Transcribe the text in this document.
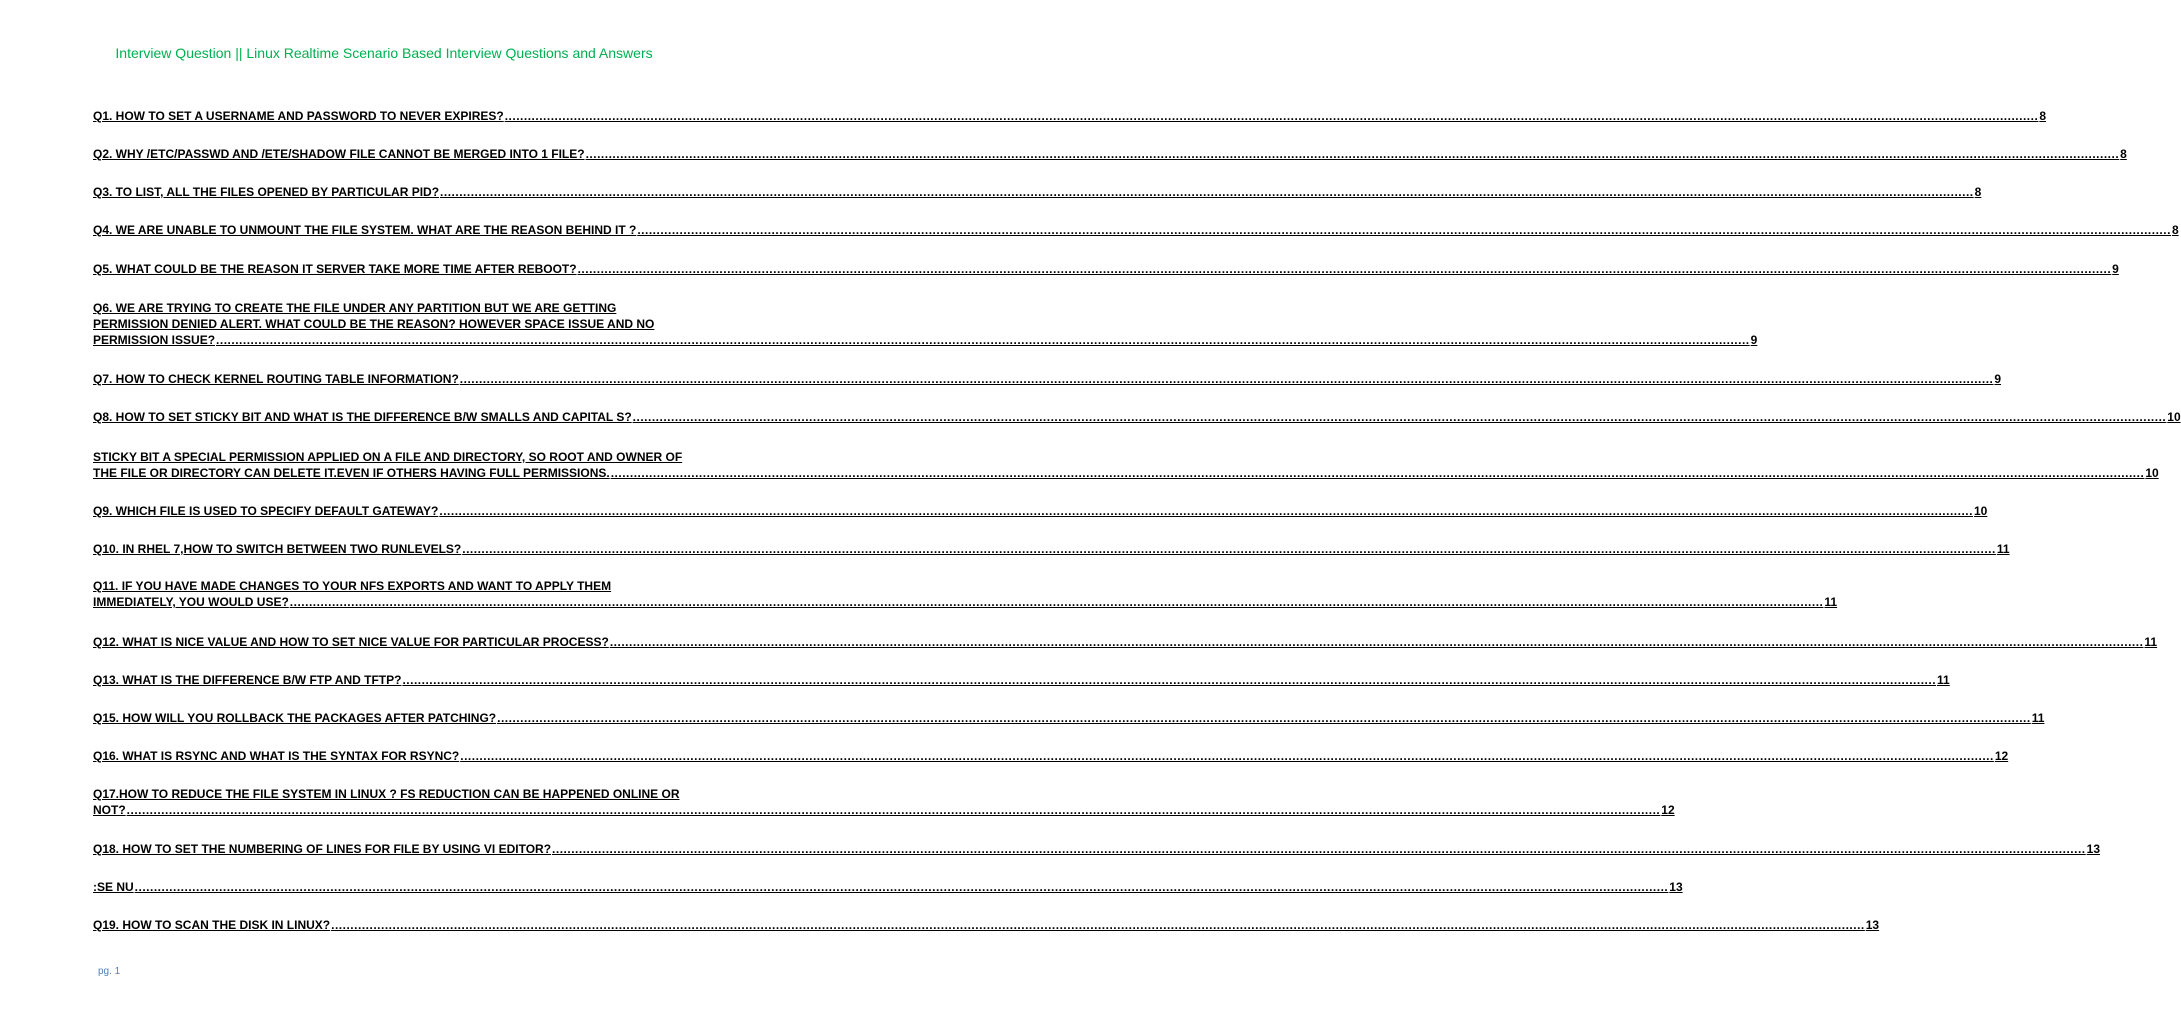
Interview Question || Linux Realtime Scenario Based Interview Questions and Answers
Q1. HOW TO SET A USERNAME AND PASSWORD TO NEVER EXPIRES? ................................................................................................................................................................................................................................................................................................................................................................................................................ 8
Q2. WHY /ETC/PASSWD AND /ETE/SHADOW FILE CANNOT BE MERGED INTO 1 FILE? ................................................................................................................................................................................................................................................................................................................................................................................................................ 8
Q3. TO LIST, ALL THE FILES OPENED BY PARTICULAR PID? ................................................................................................................................................................................................................................................................................................................................................................................................................ 8
Q4. WE ARE UNABLE TO UNMOUNT THE FILE SYSTEM. WHAT ARE THE REASON BEHIND IT ? ................................................................................................................................................................................................................................................................................................................................................................................................................ 8
Q5. WHAT COULD BE THE REASON IT SERVER TAKE MORE TIME AFTER REBOOT? ................................................................................................................................................................................................................................................................................................................................................................................................................ 9
Q6. WE ARE TRYING TO CREATE THE FILE UNDER ANY PARTITION BUT WE ARE GETTING
PERMISSION DENIED ALERT. WHAT COULD BE THE REASON? HOWEVER SPACE ISSUE AND NO
PERMISSION ISSUE? ................................................................................................................................................................................................................................................................................................................................................................................................................ 9
Q7. HOW TO CHECK KERNEL ROUTING TABLE INFORMATION? ................................................................................................................................................................................................................................................................................................................................................................................................................ 9
Q8. HOW TO SET STICKY BIT AND WHAT IS THE DIFFERENCE B/W SMALLS AND CAPITAL S? ................................................................................................................................................................................................................................................................................................................................................................................................................ 10
STICKY BIT A SPECIAL PERMISSION APPLIED ON A FILE AND DIRECTORY, SO ROOT AND OWNER OF
THE FILE OR DIRECTORY CAN DELETE IT.EVEN IF OTHERS HAVING FULL PERMISSIONS. ................................................................................................................................................................................................................................................................................................................................................................................................................ 10
Q9. WHICH FILE IS USED TO SPECIFY DEFAULT GATEWAY? ................................................................................................................................................................................................................................................................................................................................................................................................................ 10
Q10. IN RHEL 7,HOW TO SWITCH BETWEEN TWO RUNLEVELS? ................................................................................................................................................................................................................................................................................................................................................................................................................ 11
Q11. IF YOU HAVE MADE CHANGES TO YOUR NFS EXPORTS AND WANT TO APPLY THEM
IMMEDIATELY, YOU WOULD USE? ................................................................................................................................................................................................................................................................................................................................................................................................................ 11
Q12. WHAT IS NICE VALUE AND HOW TO SET NICE VALUE FOR PARTICULAR PROCESS? ................................................................................................................................................................................................................................................................................................................................................................................................................ 11
Q13. WHAT IS THE DIFFERENCE B/W FTP AND TFTP? ................................................................................................................................................................................................................................................................................................................................................................................................................ 11
Q15. HOW WILL YOU ROLLBACK THE PACKAGES AFTER PATCHING? ................................................................................................................................................................................................................................................................................................................................................................................................................ 11
Q16. WHAT IS RSYNC AND WHAT IS THE SYNTAX FOR RSYNC? ................................................................................................................................................................................................................................................................................................................................................................................................................ 12
Q17.HOW TO REDUCE THE FILE SYSTEM IN LINUX ? FS REDUCTION CAN BE HAPPENED ONLINE OR
NOT? ................................................................................................................................................................................................................................................................................................................................................................................................................ 12
Q18. HOW TO SET THE NUMBERING OF LINES FOR FILE BY USING VI EDITOR? ................................................................................................................................................................................................................................................................................................................................................................................................................ 13
:SE NU ................................................................................................................................................................................................................................................................................................................................................................................................................ 13
Q19. HOW TO SCAN THE DISK IN LINUX? ................................................................................................................................................................................................................................................................................................................................................................................................................ 13
pg. 1
